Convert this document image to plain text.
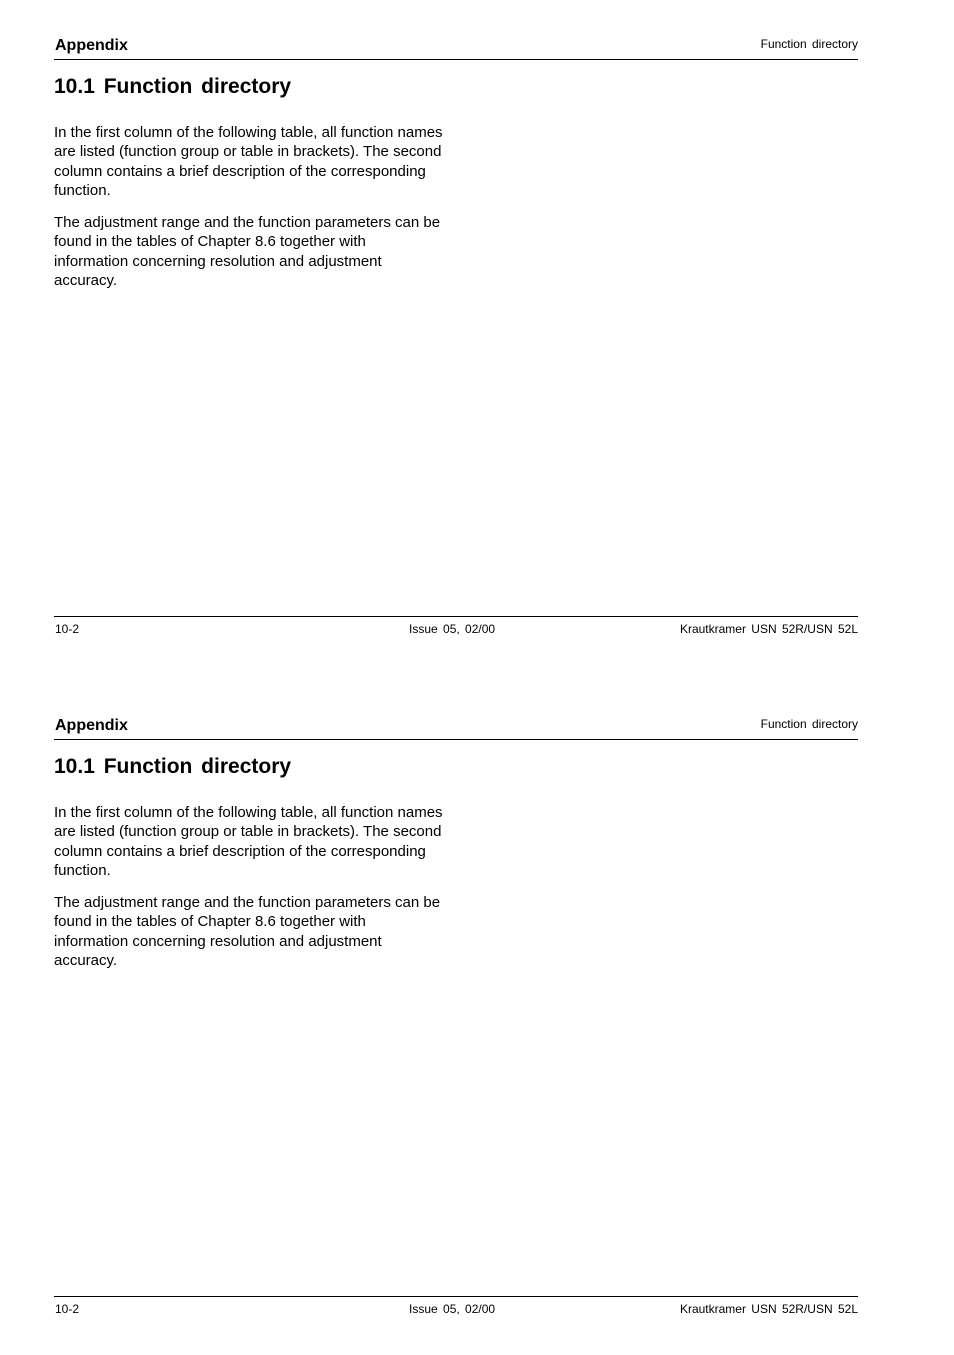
Appendix	Function directory
10.1 Function directory

In the first column of the following table, all function names are listed (function group or table in brackets). The second column contains a brief description of the corresponding function.

The adjustment range and the function parameters can be found in the tables of Chapter 8.6 together with information concerning resolution and adjustment accuracy.

10-2	Issue 05, 02/00	Krautkramer USN 52R/USN 52L
Appendix	Function directory
10.1 Function directory

In the first column of the following table, all function names are listed (function group or table in brackets). The second column contains a brief description of the corresponding function.

The adjustment range and the function parameters can be found in the tables of Chapter 8.6 together with information concerning resolution and adjustment accuracy.

10-2	Issue 05, 02/00	Krautkramer USN 52R/USN 52L
